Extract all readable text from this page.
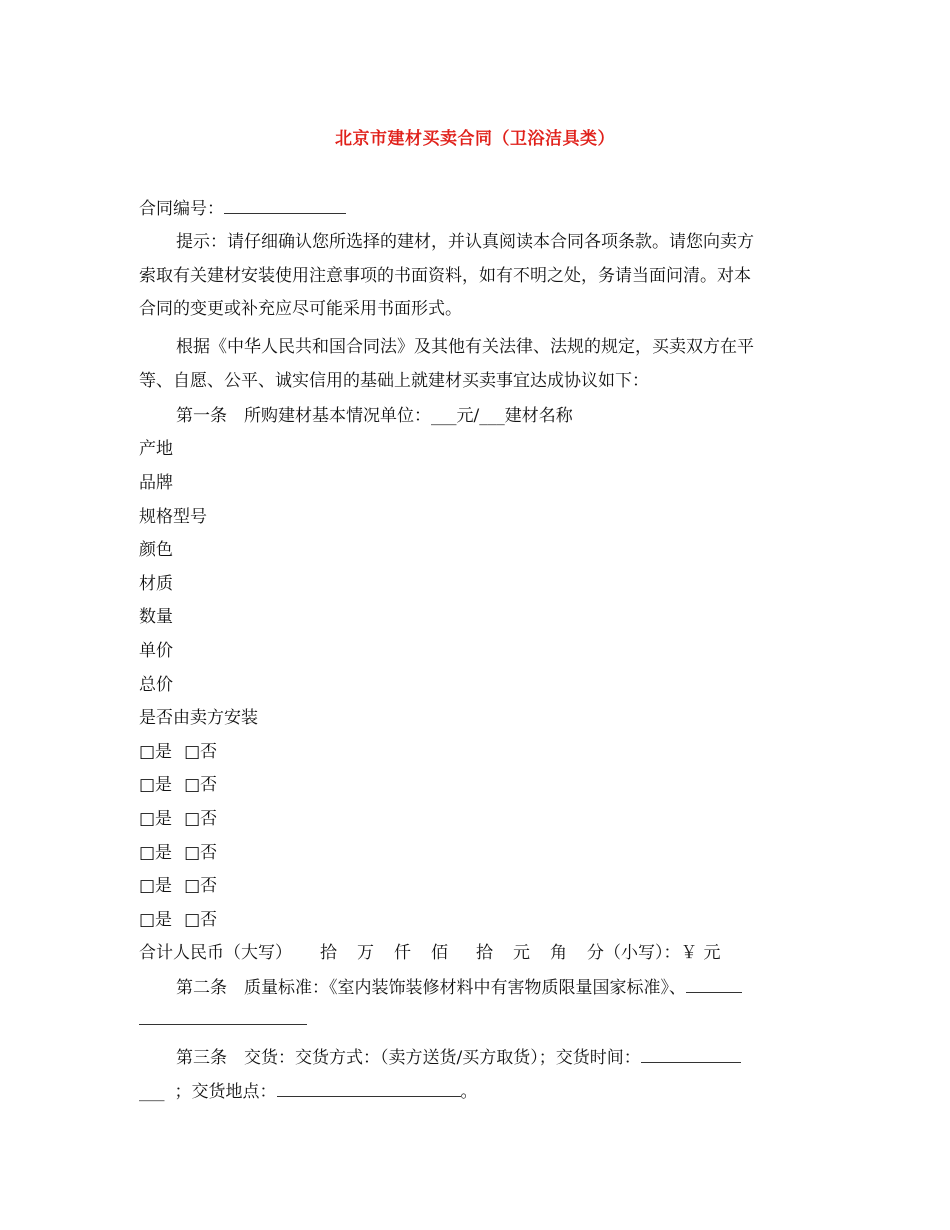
北京市建材买卖合同（卫浴洁具类）
合同编号：
提示：请仔细确认您所选择的建材，并认真阅读本合同各项条款。请您向卖方
索取有关建材安装使用注意事项的书面资料，如有不明之处，务请当面问清。对本
合同的变更或补充应尽可能采用书面形式。
根据《中华人民共和国合同法》及其他有关法律、法规的规定，买卖双方在平
等、自愿、公平、诚实信用的基础上就建材买卖事宜达成协议如下：
第一条　所购建材基本情况单位：___元/___建材名称
产地
品牌
规格型号
颜色
材质
数量
单价
总价
是否由卖方安装
□是 □否
□是 □否
□是 □否
□是 □否
□是 □否
□是 □否
合计人民币（大写） 拾 万 仟 佰 拾 元 角 分（小写）：￥ 元
第二条　质量标准：《室内装饰装修材料中有害物质限量国家标准》、
第三条　交货：交货方式：（卖方送货/买方取货）；交货时间：
___ ；交货地点：	。
